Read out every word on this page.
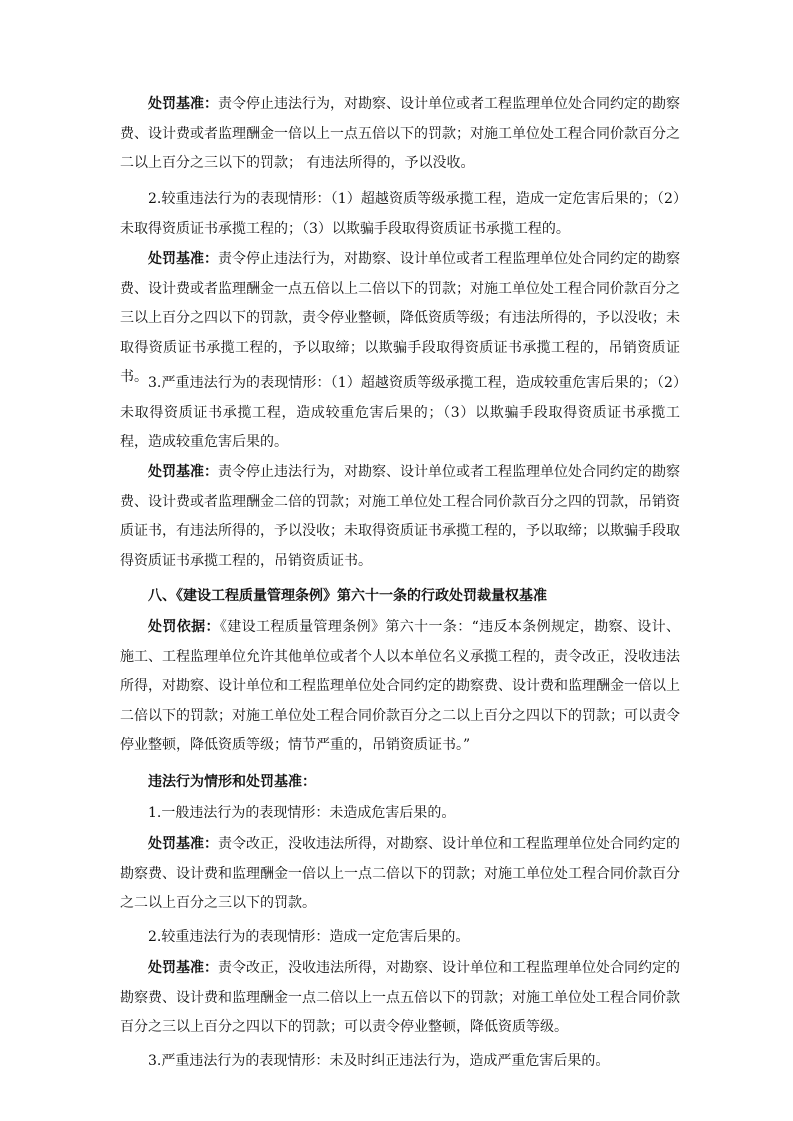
处罚基准：责令停止违法行为，对勘察、设计单位或者工程监理单位处合同约定的勘察费、设计费或者监理酬金一倍以上一点五倍以下的罚款；对施工单位处工程合同价款百分之二以上百分之三以下的罚款； 有违法所得的，予以没收。

2.较重违法行为的表现情形：（1）超越资质等级承揽工程，造成一定危害后果的；（2）未取得资质证书承揽工程的；（3）以欺骗手段取得资质证书承揽工程的。

处罚基准：责令停止违法行为，对勘察、设计单位或者工程监理单位处合同约定的勘察费、设计费或者监理酬金一点五倍以上二倍以下的罚款；对施工单位处工程合同价款百分之三以上百分之四以下的罚款，责令停业整顿，降低资质等级；有违法所得的，予以没收；未取得资质证书承揽工程的，予以取缔；以欺骗手段取得资质证书承揽工程的，吊销资质证书。 3.严重违法行为的表现情形：（1）超越资质等级承揽工程，造成较重危害后果的；（2）未取得资质证书承揽工程，造成较重危害后果的；（3）以欺骗手段取得资质证书承揽工程，造成较重危害后果的。

处罚基准：责令停止违法行为，对勘察、设计单位或者工程监理单位处合同约定的勘察费、设计费或者监理酬金二倍的罚款；对施工单位处工程合同价款百分之四的罚款，吊销资质证书，有违法所得的，予以没收；未取得资质证书承揽工程的，予以取缔；以欺骗手段取得资质证书承揽工程的，吊销资质证书。

八、《建设工程质量管理条例》第六十一条的行政处罚裁量权基准

处罚依据：《建设工程质量管理条例》第六十一条：“违反本条例规定，勘察、设计、施工、工程监理单位允许其他单位或者个人以本单位名义承揽工程的，责令改正，没收违法所得，对勘察、设计单位和工程监理单位处合同约定的勘察费、设计费和监理酬金一倍以上二倍以下的罚款；对施工单位处工程合同价款百分之二以上百分之四以下的罚款；可以责令停业整顿，降低资质等级；情节严重的，吊销资质证书。”

违法行为情形和处罚基准：

1.一般违法行为的表现情形：未造成危害后果的。

处罚基准：责令改正，没收违法所得，对勘察、设计单位和工程监理单位处合同约定的勘察费、设计费和监理酬金一倍以上一点二倍以下的罚款；对施工单位处工程合同价款百分之二以上百分之三以下的罚款。

2.较重违法行为的表现情形：造成一定危害后果的。

处罚基准：责令改正，没收违法所得，对勘察、设计单位和工程监理单位处合同约定的勘察费、设计费和监理酬金一点二倍以上一点五倍以下的罚款；对施工单位处工程合同价款百分之三以上百分之四以下的罚款；可以责令停业整顿，降低资质等级。

3.严重违法行为的表现情形：未及时纠正违法行为，造成严重危害后果的。
